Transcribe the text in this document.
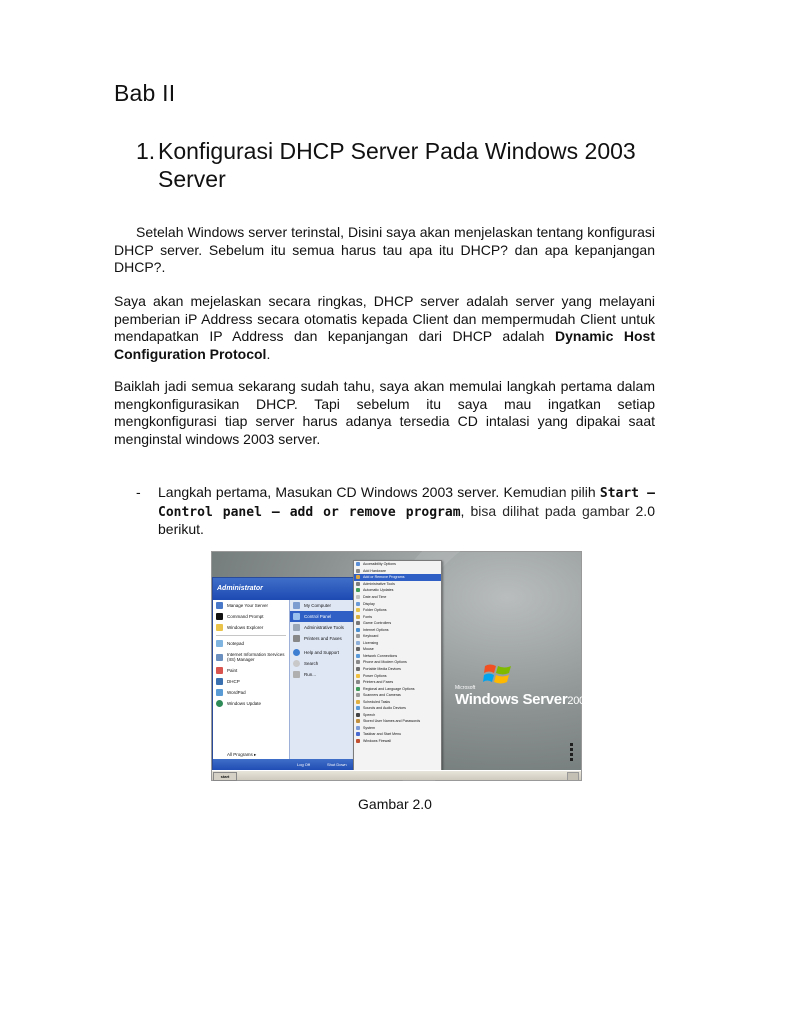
Bab II
1. Konfigurasi DHCP Server Pada Windows 2003 Server

Setelah Windows server terinstal, Disini saya akan menjelaskan tentang konfigurasi DHCP server. Sebelum itu semua harus tau apa itu DHCP? dan apa kepanjangan DHCP?.

Saya akan mejelaskan secara ringkas, DHCP server adalah server yang melayani pemberian iP Address secara otomatis kepada Client dan mempermudah Client untuk mendapatkan IP Address dan kepanjangan dari DHCP adalah Dynamic Host Configuration Protocol.

Baiklah jadi semua sekarang sudah tahu, saya akan memulai langkah pertama dalam mengkonfigurasikan DHCP. Tapi sebelum itu saya mau ingatkan setiap mengkonfigurasi tiap server harus adanya tersedia CD intalasi yang dipakai saat menginstal windows 2003 server.

- Langkah pertama, Masukan CD Windows 2003 server. Kemudian pilih Start – Control panel – add or remove program, bisa dilihat pada gambar 2.0 berikut.
Microsoft
Windows Server2003
Administrator
Manage Your Server
Command Prompt
Windows Explorer
Notepad
Internet Information Services (IIS) Manager
Paint
DHCP
WordPad
Windows Update
All Programs ▸
My Computer
Control Panel
Administrative Tools
Printers and Faxes
Help and Support
Search
Run...
Log Off	Shut Down
Accessibility Options
Add Hardware
Add or Remove Programs
Administrative Tools
Automatic Updates
Date and Time
Display
Folder Options
Fonts
Game Controllers
Internet Options
Keyboard
Licensing
Mouse
Network Connections
Phone and Modem Options
Portable Media Devices
Power Options
Printers and Faxes
Regional and Language Options
Scanners and Cameras
Scheduled Tasks
Sounds and Audio Devices
Speech
Stored User Names and Passwords
System
Taskbar and Start Menu
Windows Firewall
start
Gambar 2.0
